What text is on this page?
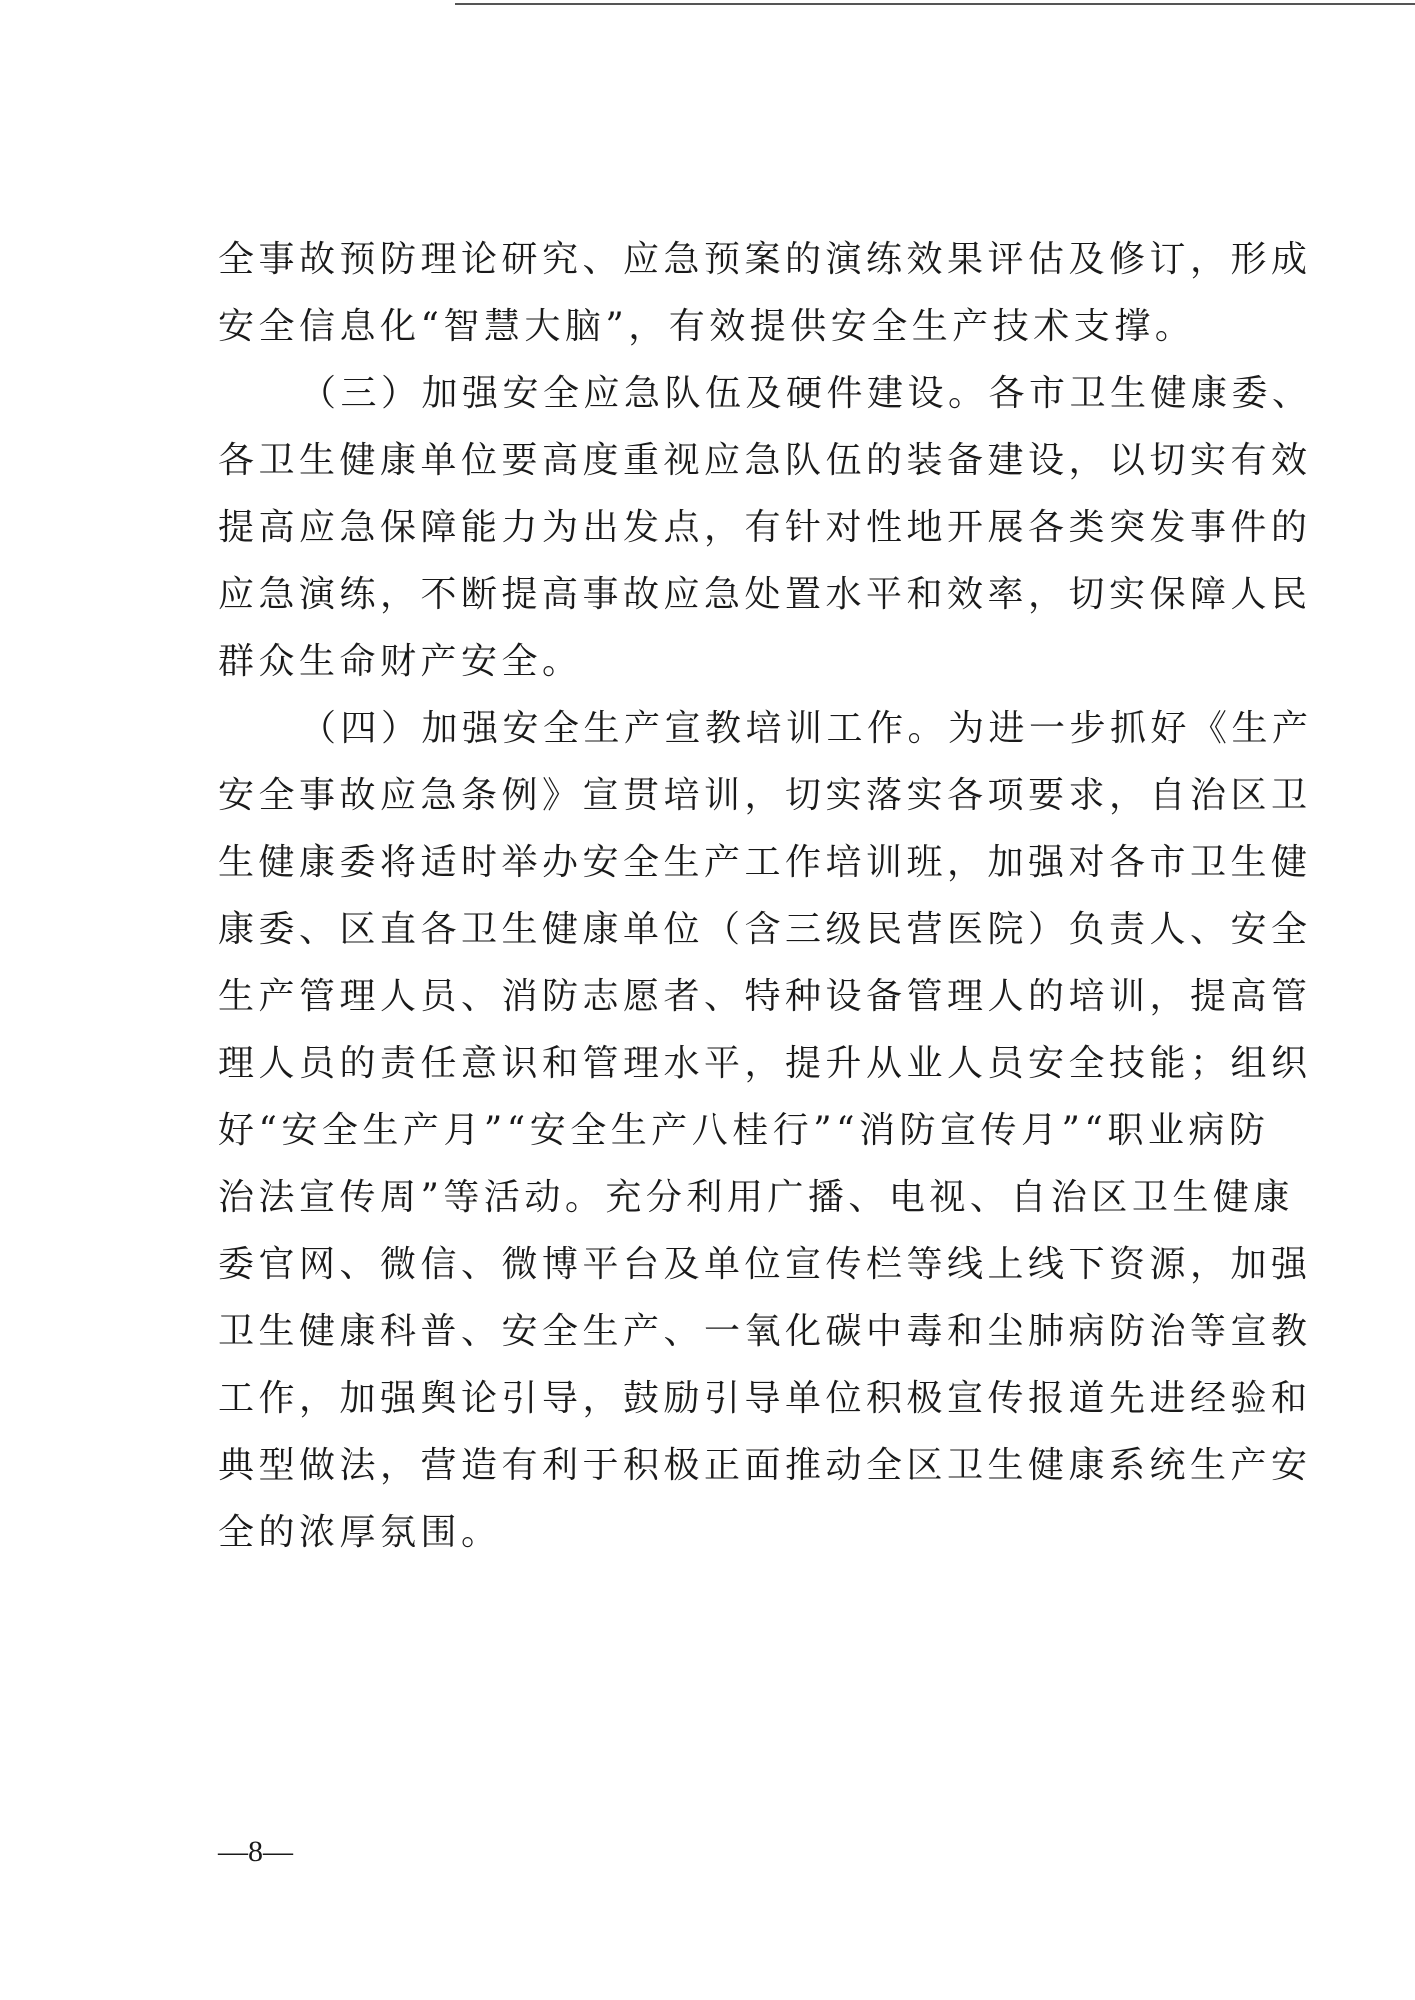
全事故预防理论研究、应急预案的演练效果评估及修订，形成
安全信息化“智慧大脑”，有效提供安全生产技术支撑。
（三）加强安全应急队伍及硬件建设。各市卫生健康委、
各卫生健康单位要高度重视应急队伍的装备建设，以切实有效
提高应急保障能力为出发点，有针对性地开展各类突发事件的
应急演练，不断提高事故应急处置水平和效率，切实保障人民
群众生命财产安全。
（四）加强安全生产宣教培训工作。为进一步抓好《生产
安全事故应急条例》宣贯培训，切实落实各项要求，自治区卫
生健康委将适时举办安全生产工作培训班，加强对各市卫生健
康委、区直各卫生健康单位（含三级民营医院）负责人、安全
生产管理人员、消防志愿者、特种设备管理人的培训，提高管
理人员的责任意识和管理水平，提升从业人员安全技能；组织
好“安全生产月”“安全生产八桂行”“消防宣传月”“职业病防
治法宣传周”等活动。充分利用广播、电视、自治区卫生健康
委官网、微信、微博平台及单位宣传栏等线上线下资源，加强
卫生健康科普、安全生产、一氧化碳中毒和尘肺病防治等宣教
工作，加强舆论引导，鼓励引导单位积极宣传报道先进经验和
典型做法，营造有利于积极正面推动全区卫生健康系统生产安
全的浓厚氛围。
—8—
